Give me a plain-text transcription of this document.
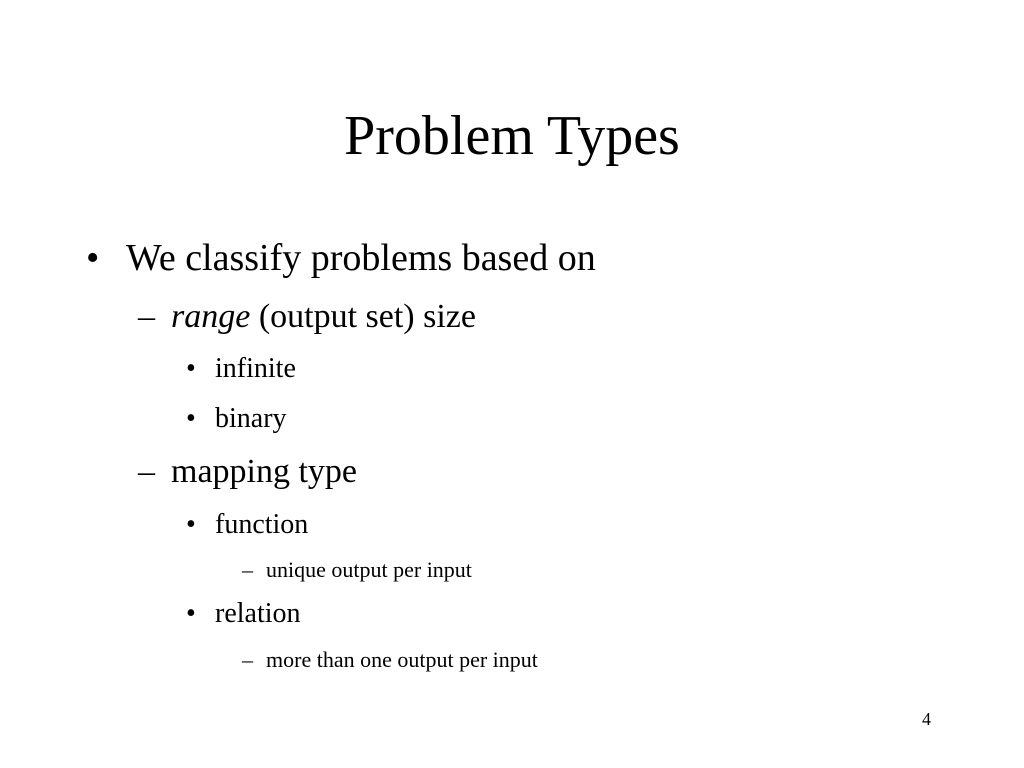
Problem Types
• We classify problems based on
– range (output set) size
• infinite
• binary
– mapping type
• function
– unique output per input
• relation
– more than one output per input
4
